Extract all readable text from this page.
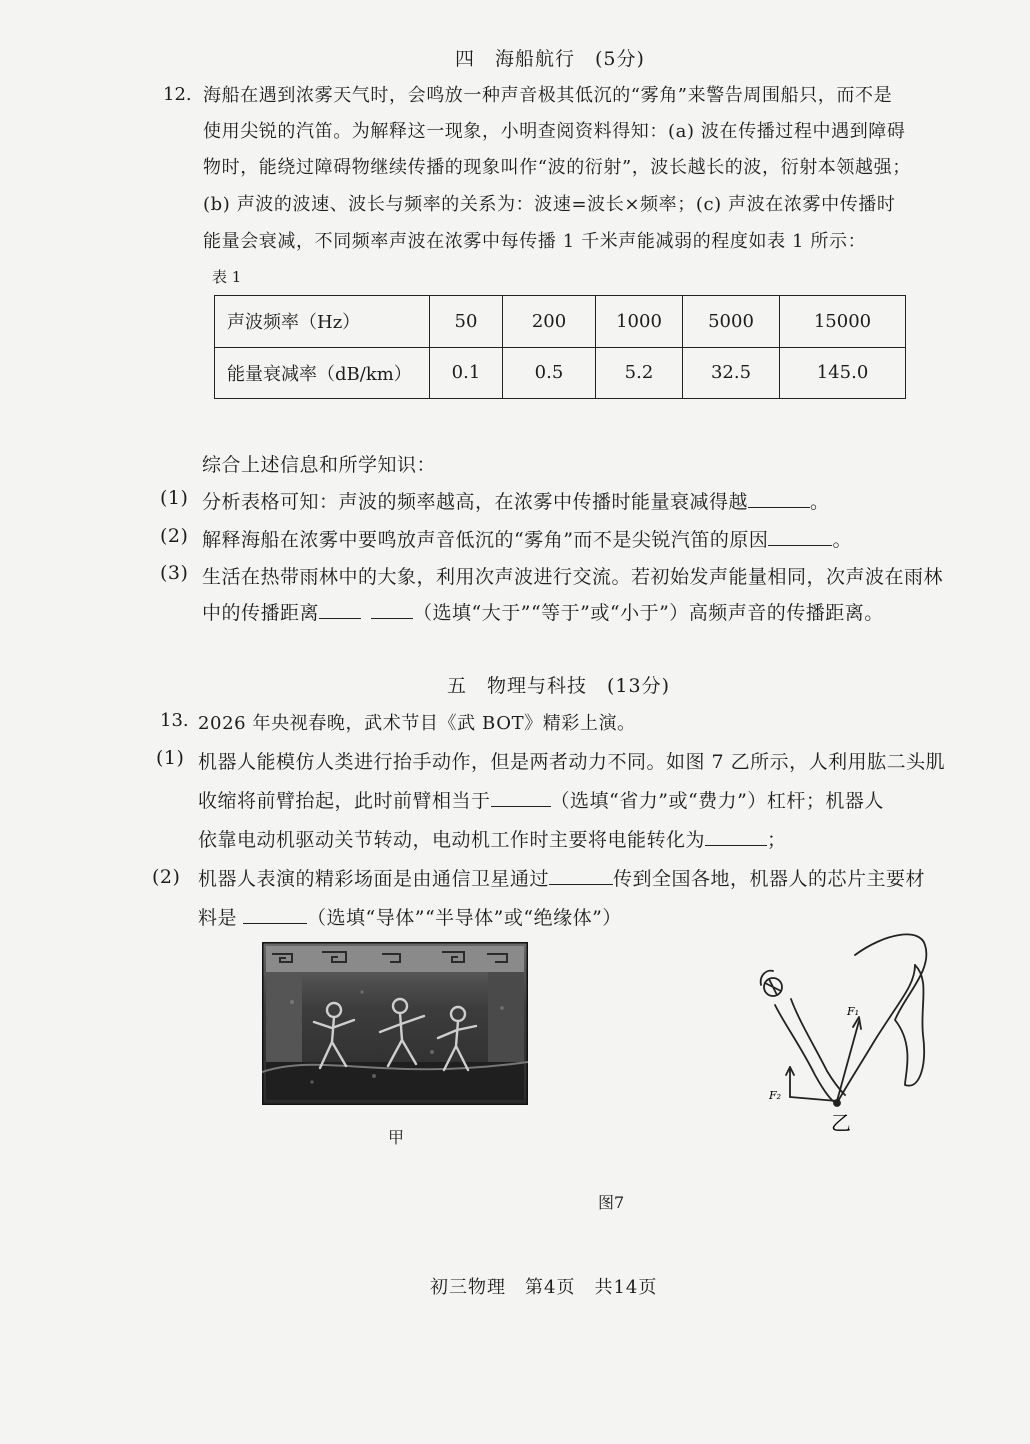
四　海船航行　(5分)
12. 海船在遇到浓雾天气时，会鸣放一种声音极其低沉的“雾角”来警告周围船只，而不是
使用尖锐的汽笛。为解释这一现象，小明查阅资料得知：(a) 波在传播过程中遇到障碍
物时，能绕过障碍物继续传播的现象叫作“波的衍射”，波长越长的波，衍射本领越强；
(b) 声波的波速、波长与频率的关系为：波速=波长×频率；(c) 声波在浓雾中传播时
能量会衰减，不同频率声波在浓雾中每传播 1 千米声能减弱的程度如表 1 所示：
表 1
声波频率（Hz）	50	200	1000	5000	15000
能量衰减率（dB/km）	0.1	0.5	5.2	32.5	145.0
综合上述信息和所学知识：
(1) 分析表格可知：声波的频率越高，在浓雾中传播时能量衰减得越	。
(2) 解释海船在浓雾中要鸣放声音低沉的“雾角”而不是尖锐汽笛的原因	。
(3) 生活在热带雨林中的大象，利用次声波进行交流。若初始发声能量相同，次声波在雨林
中的传播距离	（选填“大于”“等于”或“小于”）高频声音的传播距离。
五　物理与科技　(13分)
13. 2026 年央视春晚，武术节目《武 BOT》精彩上演。
(1) 机器人能模仿人类进行抬手动作，但是两者动力不同。如图 7 乙所示，人利用肱二头肌
收缩将前臂抬起，此时前臂相当于	（选填“省力”或“费力”）杠杆；机器人
依靠电动机驱动关节转动，电动机工作时主要将电能转化为	；
(2) 机器人表演的精彩场面是由通信卫星通过	传到全国各地，机器人的芯片主要材
料是	（选填“导体”“半导体”或“绝缘体”）
甲
F₁
F₂
乙
图7
初三物理　第4页　共14页
